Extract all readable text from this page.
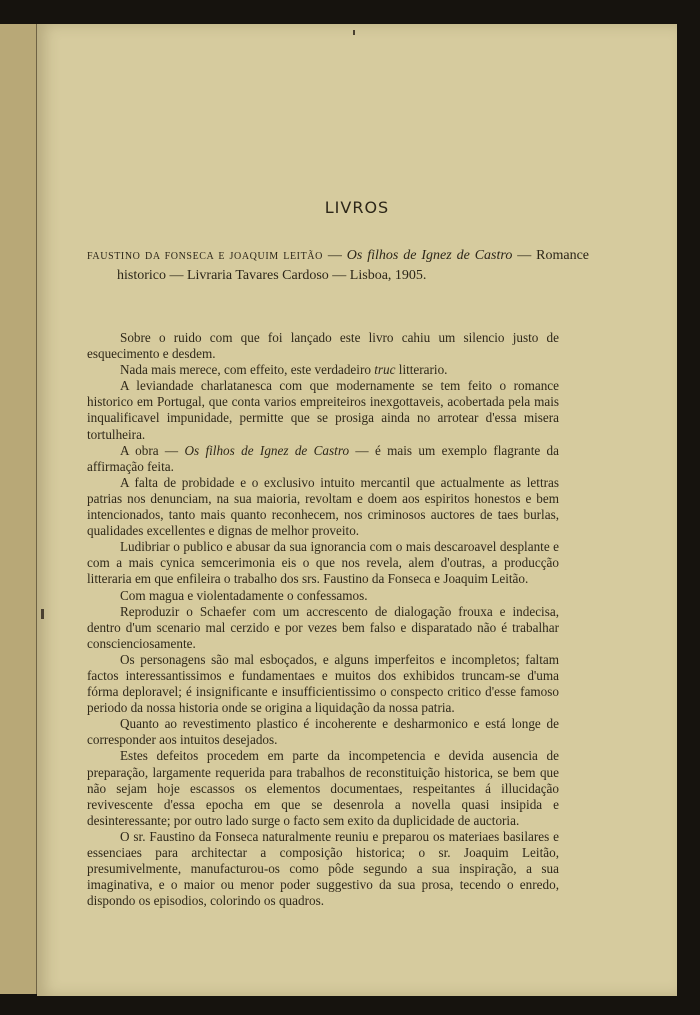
LIVROS
FAUSTINO DA FONSECA E JOAQUIM LEITÃO — Os filhos de Ignez de Castro — Romance historico — Livraria Tavares Cardoso — Lisboa, 1905.

Sobre o ruido com que foi lançado este livro cahiu um silencio justo de esquecimento e desdem.

Nada mais merece, com effeito, este verdadeiro truc litterario.

A leviandade charlatanesca com que modernamente se tem feito o romance historico em Portugal, que conta varios empreiteiros inexgottaveis, acobertada pela mais inqualificavel impunidade, permitte que se prosiga ainda no arrotear d'essa misera tortulheira.

A obra — Os filhos de Ignez de Castro — é mais um exemplo flagrante da affirmação feita.

A falta de probidade e o exclusivo intuito mercantil que actualmente as lettras patrias nos denunciam, na sua maioria, revoltam e doem aos espiritos honestos e bem intencionados, tanto mais quanto reconhecem, nos criminosos auctores de taes burlas, qualidades excellentes e dignas de melhor proveito.

Ludibriar o publico e abusar da sua ignorancia com o mais descaroavel desplante e com a mais cynica semcerimonia eis o que nos revela, alem d'outras, a producção litteraria em que enfileira o trabalho dos srs. Faustino da Fonseca e Joaquim Leitão.

Com magua e violentadamente o confessamos.

Reproduzir o Schaefer com um accrescento de dialogação frouxa e indecisa, dentro d'um scenario mal cerzido e por vezes bem falso e disparatado não é trabalhar conscienciosamente.

Os personagens são mal esboçados, e alguns imperfeitos e incompletos; faltam factos interessantissimos e fundamentaes e muitos dos exhibidos truncam-se d'uma fórma deploravel; é insignificante e insufficientissimo o conspecto critico d'esse famoso periodo da nossa historia onde se origina a liquidação da nossa patria.

Quanto ao revestimento plastico é incoherente e desharmonico e está longe de corresponder aos intuitos desejados.

Estes defeitos procedem em parte da incompetencia e devida ausencia de preparação, largamente requerida para trabalhos de reconstituição historica, se bem que não sejam hoje escassos os elementos documentaes, respeitantes á illucidação revivescente d'essa epocha em que se desenrola a novella quasi insipida e desinteressante; por outro lado surge o facto sem exito da duplicidade de auctoria.

O sr. Faustino da Fonseca naturalmente reuniu e preparou os materiaes basilares e essenciaes para architectar a composição historica; o sr. Joaquim Leitão, presumivelmente, manufacturou-os como pôde segundo a sua inspiração, a sua imaginativa, e o maior ou menor poder suggestivo da sua prosa, tecendo o enredo, dispondo os episodios, colorindo os quadros.
